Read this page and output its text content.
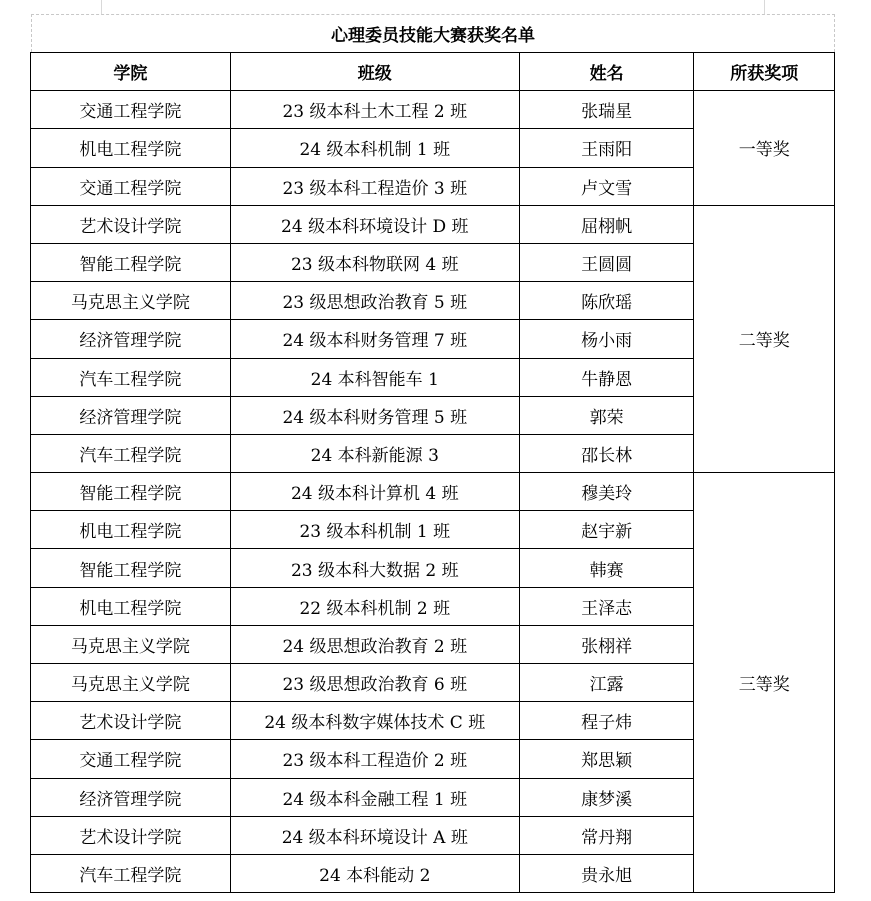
心理委员技能大赛获奖名单
学院	班级	姓名	所获奖项
交通工程学院	23 级本科土木工程 2 班	张瑞星	一等奖
机电工程学院	24 级本科机制 1 班	王雨阳	
交通工程学院	23 级本科工程造价 3 班	卢文雪	
艺术设计学院	24 级本科环境设计 D 班	屈栩帆	二等奖
智能工程学院	23 级本科物联网 4 班	王圆圆	
马克思主义学院	23 级思想政治教育 5 班	陈欣瑶	
经济管理学院	24 级本科财务管理 7 班	杨小雨	
汽车工程学院	24 本科智能车 1	牛静恩	
经济管理学院	24 级本科财务管理 5 班	郭荣	
汽车工程学院	24 本科新能源 3	邵长林	
智能工程学院	24 级本科计算机 4 班	穆美玲	三等奖
机电工程学院	23 级本科机制 1 班	赵宇新	
智能工程学院	23 级本科大数据 2 班	韩赛	
机电工程学院	22 级本科机制 2 班	王泽志	
马克思主义学院	24 级思想政治教育 2 班	张栩祥	
马克思主义学院	23 级思想政治教育 6 班	江露	
艺术设计学院	24 级本科数字媒体技术 C 班	程子炜	
交通工程学院	23 级本科工程造价 2 班	郑思颖	
经济管理学院	24 级本科金融工程 1 班	康梦溪	
艺术设计学院	24 级本科环境设计 A 班	常丹翔	
汽车工程学院	24 本科能动 2	贵永旭	
